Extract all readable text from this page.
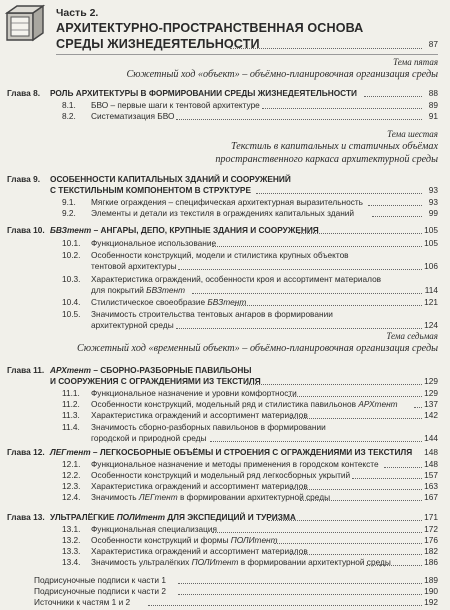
Часть 2.
АРХИТЕКТУРНО-ПРОСТРАНСТВЕННАЯ ОСНОВА
СРЕДЫ ЖИЗНЕДЕЯТЕЛЬНОСТИ	87
Тема пятая
Сюжетный ход «объект» – объёмно-планировочная организация среды
Глава 8. РОЛЬ АРХИТЕКТУРЫ В ФОРМИРОВАНИИ СРЕДЫ ЖИЗНЕДЕЯТЕЛЬНОСТИ	88
8.1. БВО – первые шаги к тентовой архитектуре	89
8.2. Систематизация БВО	91
Тема шестая
Текстиль в капитальных и статичных объёмах
пространственного каркаса архитектурной среды
Глава 9. ОСОБЕННОСТИ КАПИТАЛЬНЫХ ЗДАНИЙ И СООРУЖЕНИЙ
С ТЕКСТИЛЬНЫМ КОМПОНЕНТОМ В СТРУКТУРЕ	93
9.1. Мягкие ограждения – специфическая архитектурная выразительность	93
9.2. Элементы и детали из текстиля в ограждениях капитальных зданий	99
Глава 10. БВЗтент – АНГАРЫ, ДЕПО, КРУПНЫЕ ЗДАНИЯ И СООРУЖЕНИЯ	105
10.1. Функциональное использование	105
10.2. Особенности конструкций, модели и стилистика крупных объектов
тентовой архитектуры	106
10.3. Характеристика ограждений, особенности кроя и ассортимент материалов
для покрытий БВЗтент	114
10.4. Стилистическое своеобразие БВЗтент	121
10.5. Значимость строительства тентовых ангаров в формировании
архитектурной среды	124
Тема седьмая
Сюжетный ход «временный объект» – объёмно-планировочная организация среды
Глава 11. АРХтент – СБОРНО-РАЗБОРНЫЕ ПАВИЛЬОНЫ
И СООРУЖЕНИЯ С ОГРАЖДЕНИЯМИ ИЗ ТЕКСТИЛЯ	129
11.1. Функциональное назначение и уровни комфортности	129
11.2. Особенности конструкций, модельный ряд и стилистика павильонов АРХтент	137
11.3. Характеристика ограждений и ассортимент материалов	142
11.4. Значимость сборно-разборных павильонов в формировании
городской и природной среды	144
Глава 12. ЛЕГтент – ЛЕГКОСБОРНЫЕ ОБЪЁМЫ И СТРОЕНИЯ С ОГРАЖДЕНИЯМИ ИЗ ТЕКСТИЛЯ 148
12.1. Функциональное назначение и методы применения в городском контексте	148
12.2. Особенности конструкций и модельный ряд легкосборных укрытий	157
12.3. Характеристика ограждений и ассортимент материалов	163
12.4. Значимость ЛЕГтент в формировании архитектурной среды	167
Глава 13. УЛЬТРАЛЁГКИЕ ПОЛИтент ДЛЯ ЭКСПЕДИЦИЙ И ТУРИЗМА	171
13.1. Функциональная специализация	172
13.2. Особенности конструкций и формы ПОЛИтент	176
13.3. Характеристика ограждений и ассортимент материалов	182
13.4. Значимость ультралёгких ПОЛИтент в формировании архитектурной среды	186
Подрисуночные подписи к части 1	189
Подрисуночные подписи к части 2	190
Источники к частям 1 и 2	192
